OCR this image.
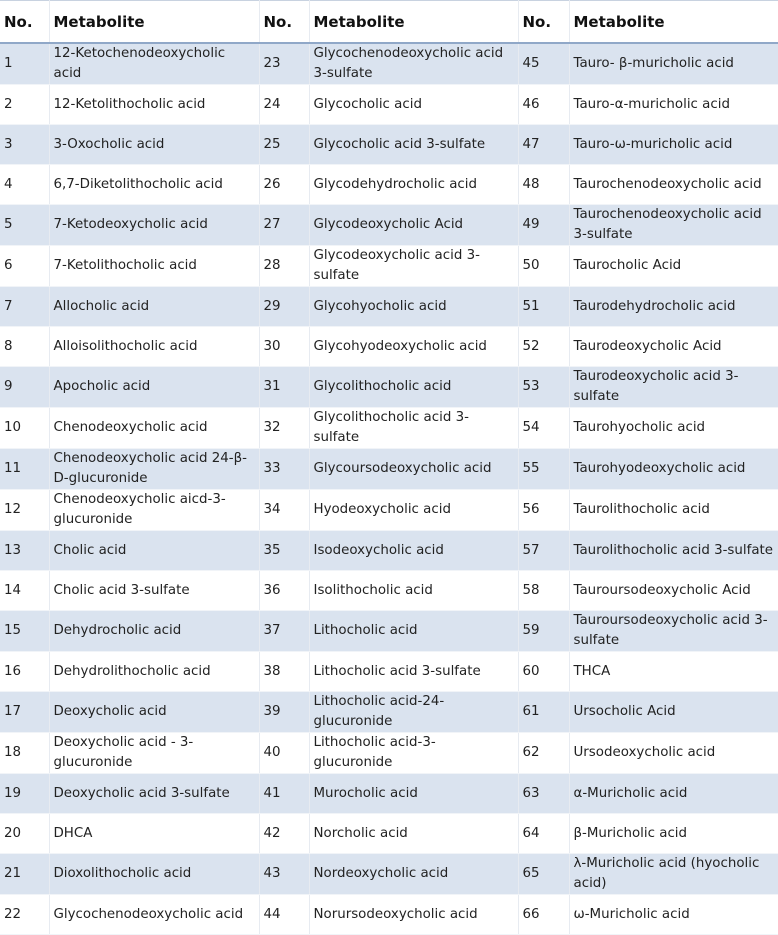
No.	Metabolite	No.	Metabolite	No.	Metabolite

1	12-Ketochenodeoxycholic acid	23	Glycochenodeoxycholic acid 3-sulfate	45	Tauro- β-muricholic acid

2	12-Ketolithocholic acid	24	Glycocholic acid	46	Tauro-α-muricholic acid

3	3-Oxocholic acid	25	Glycocholic acid 3-sulfate	47	Tauro-ω-muricholic acid

4	6,7-Diketolithocholic acid	26	Glycodehydrocholic acid	48	Taurochenodeoxycholic acid

5	7-Ketodeoxycholic acid	27	Glycodeoxycholic Acid	49	Taurochenodeoxycholic acid 3-sulfate

6	7-Ketolithocholic acid	28	Glycodeoxycholic acid 3-sulfate	50	Taurocholic Acid

7	Allocholic acid	29	Glycohyocholic acid	51	Taurodehydrocholic acid

8	Alloisolithocholic acid	30	Glycohyodeoxycholic acid	52	Taurodeoxycholic Acid

9	Apocholic acid	31	Glycolithocholic acid	53	Taurodeoxycholic acid 3-sulfate

10	Chenodeoxycholic acid	32	Glycolithocholic acid 3-sulfate	54	Taurohyocholic acid

11	Chenodeoxycholic acid 24-β-D-glucuronide	33	Glycoursodeoxycholic acid	55	Taurohyodeoxycholic acid

12	Chenodeoxycholic aicd-3-glucuronide	34	Hyodeoxycholic acid	56	Taurolithocholic acid

13	Cholic acid	35	Isodeoxycholic acid	57	Taurolithocholic acid 3-sulfate

14	Cholic acid 3-sulfate	36	Isolithocholic acid	58	Tauroursodeoxycholic Acid

15	Dehydrocholic acid	37	Lithocholic acid	59	Tauroursodeoxycholic acid 3-sulfate

16	Dehydrolithocholic acid	38	Lithocholic acid 3-sulfate	60	THCA

17	Deoxycholic acid	39	Lithocholic acid-24-glucuronide	61	Ursocholic Acid

18	Deoxycholic acid - 3-glucuronide	40	Lithocholic acid-3-glucuronide	62	Ursodeoxycholic acid

19	Deoxycholic acid 3-sulfate	41	Murocholic acid	63	α-Muricholic acid

20	DHCA	42	Norcholic acid	64	β-Muricholic acid

21	Dioxolithocholic acid	43	Nordeoxycholic acid	65	λ-Muricholic acid (hyocholic acid)

22	Glycochenodeoxycholic acid	44	Norursodeoxycholic acid	66	ω-Muricholic acid
